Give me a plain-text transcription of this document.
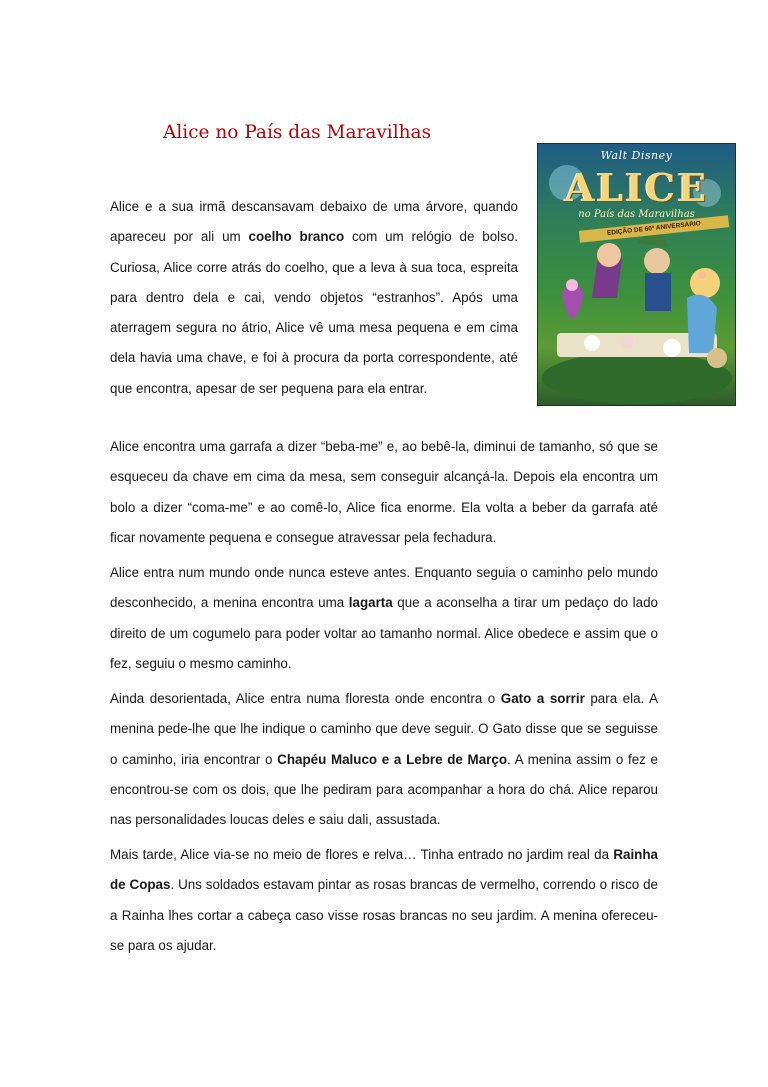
Alice no País das Maravilhas
Walt Disney
ALICE
no País das Maravilhas
EDIÇÃO DE 60º ANIVERSÁRIO

Alice e a sua irmã descansavam debaixo de uma árvore, quando apareceu por ali um coelho branco com um relógio de bolso. Curiosa, Alice corre atrás do coelho, que a leva à sua toca, espreita para dentro dela e cai, vendo objetos “estranhos”. Após uma aterragem segura no átrio, Alice vê uma mesa pequena e em cima dela havia uma chave, e foi à procura da porta correspondente, até que encontra, apesar de ser pequena para ela entrar.

Alice encontra uma garrafa a dizer “beba-me” e, ao bebê-la, diminui de tamanho, só que se esqueceu da chave em cima da mesa, sem conseguir alcançá-la. Depois ela encontra um bolo a dizer “coma-me” e ao comê-lo, Alice fica enorme. Ela volta a beber da garrafa até ficar novamente pequena e consegue atravessar pela fechadura.

Alice entra num mundo onde nunca esteve antes. Enquanto seguia o caminho pelo mundo desconhecido, a menina encontra uma lagarta que a aconselha a tirar um pedaço do lado direito de um cogumelo para poder voltar ao tamanho normal. Alice obedece e assim que o fez, seguiu o mesmo caminho.

Ainda desorientada, Alice entra numa floresta onde encontra o Gato a sorrir para ela. A menina pede-lhe que lhe indique o caminho que deve seguir. O Gato disse que se seguisse o caminho, iria encontrar o Chapéu Maluco e a Lebre de Março. A menina assim o fez e encontrou-se com os dois, que lhe pediram para acompanhar a hora do chá. Alice reparou nas personalidades loucas deles e saiu dali, assustada.

Mais tarde, Alice via-se no meio de flores e relva… Tinha entrado no jardim real da Rainha de Copas. Uns soldados estavam pintar as rosas brancas de vermelho, correndo o risco de a Rainha lhes cortar a cabeça caso visse rosas brancas no seu jardim. A menina ofereceu-se para os ajudar.
